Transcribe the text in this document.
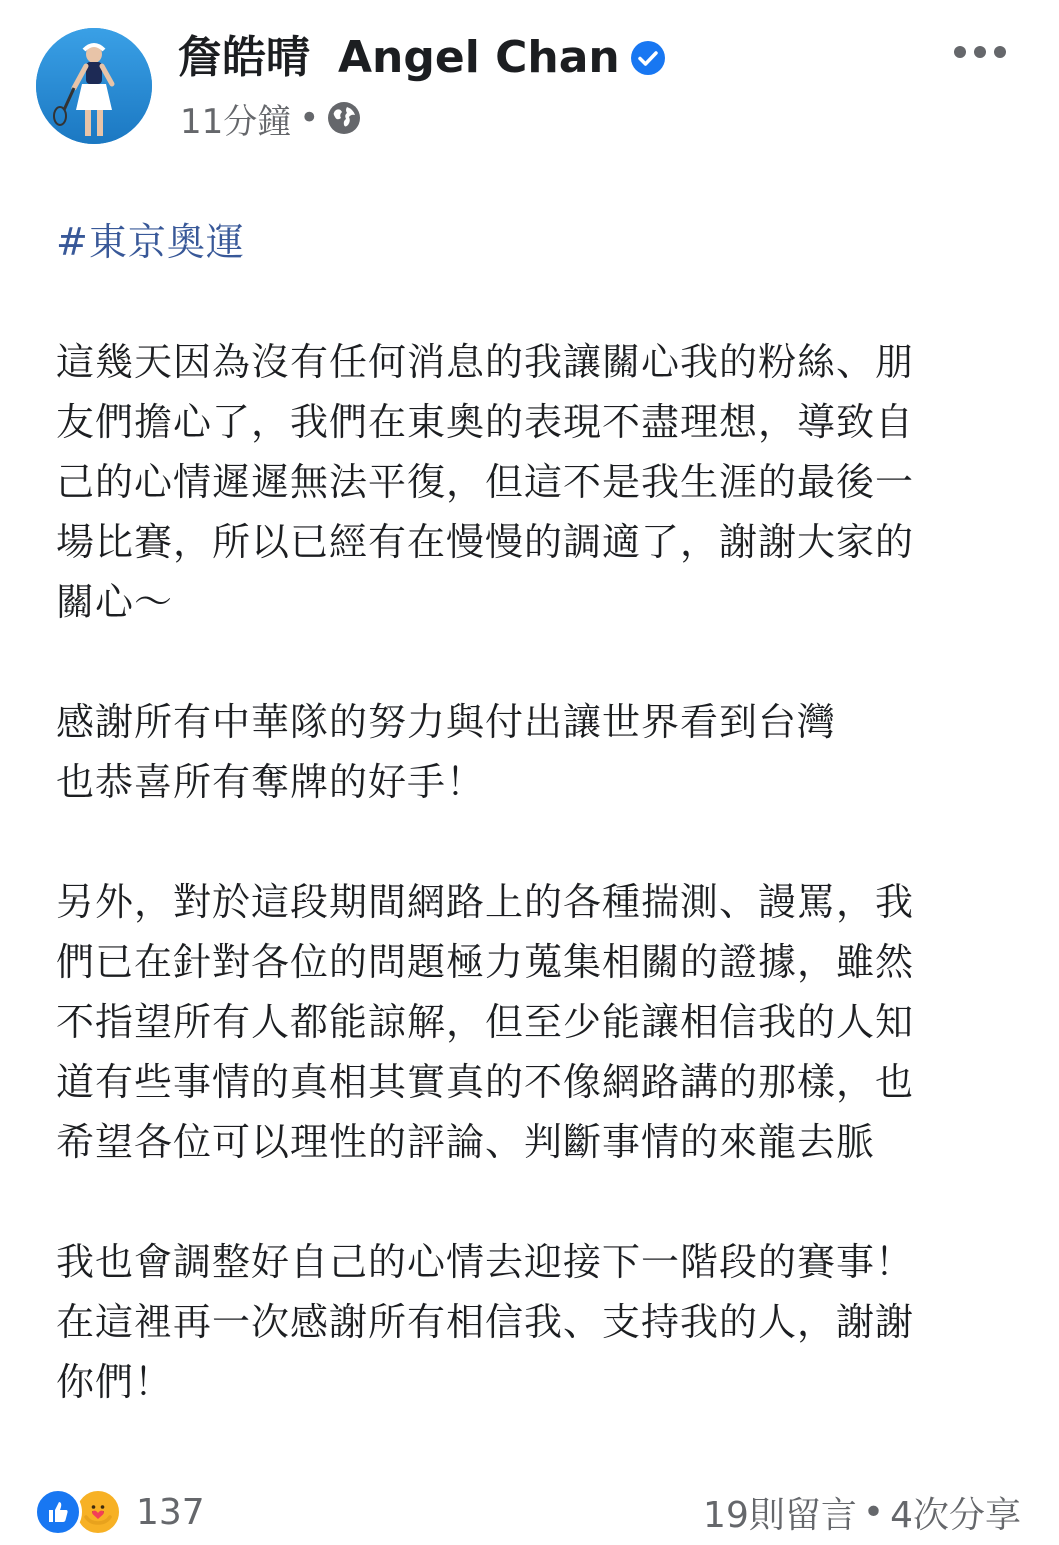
詹皓晴 Angel Chan
11分鐘 •
#東京奧運

這幾天因為沒有任何消息的我讓關心我的粉絲、朋
友們擔心了，我們在東奧的表現不盡理想，導致自
己的心情遲遲無法平復，但這不是我生涯的最後一
場比賽，所以已經有在慢慢的調適了，謝謝大家的
關心～

感謝所有中華隊的努力與付出讓世界看到台灣
也恭喜所有奪牌的好手！

另外，對於這段期間網路上的各種揣測、謾罵，我
們已在針對各位的問題極力蒐集相關的證據，雖然
不指望所有人都能諒解，但至少能讓相信我的人知
道有些事情的真相其實真的不像網路講的那樣，也
希望各位可以理性的評論、判斷事情的來龍去脈

我也會調整好自己的心情去迎接下一階段的賽事！
在這裡再一次感謝所有相信我、支持我的人，謝謝
你們！

137	19則留言 • 4次分享
